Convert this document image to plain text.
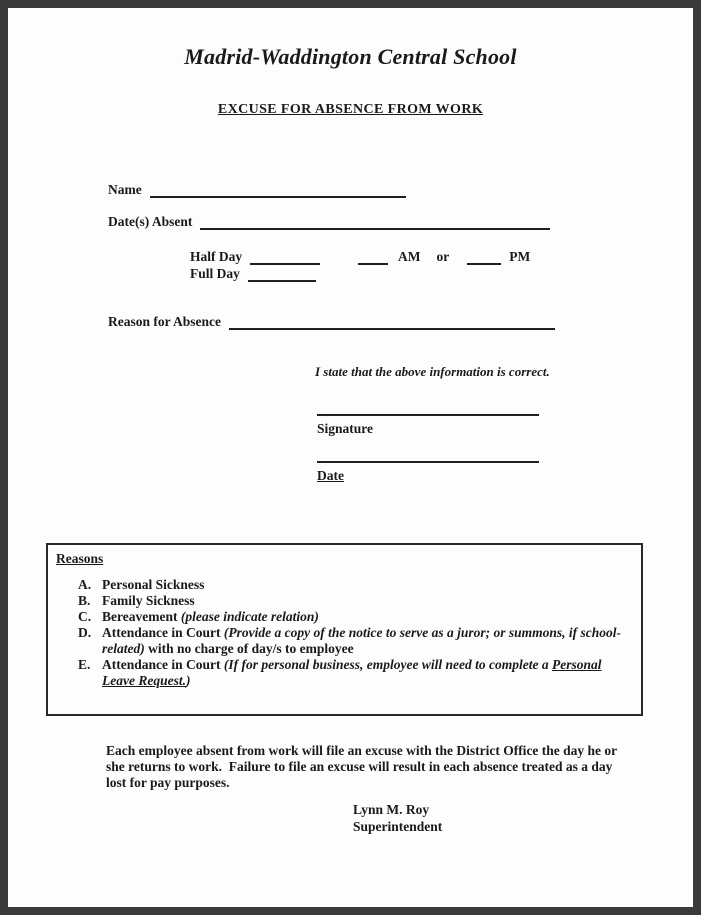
Madrid-Waddington Central School
EXCUSE FOR ABSENCE FROM WORK
Name
Date(s) Absent
Half Day	AM or	PM
Full Day
Reason for Absence
I state that the above information is correct.
Signature
Date
Reasons
A. Personal Sickness
B. Family Sickness
C. Bereavement (please indicate relation)
D. Attendance in Court (Provide a copy of the notice to serve as a juror; or summons, if school-related) with no charge of day/s to employee
E. Attendance in Court (If for personal business, employee will need to complete a Personal Leave Request.)
Each employee absent from work will file an excuse with the District Office the day he or she returns to work.  Failure to file an excuse will result in each absence treated as a day lost for pay purposes.
Lynn M. Roy
Superintendent
